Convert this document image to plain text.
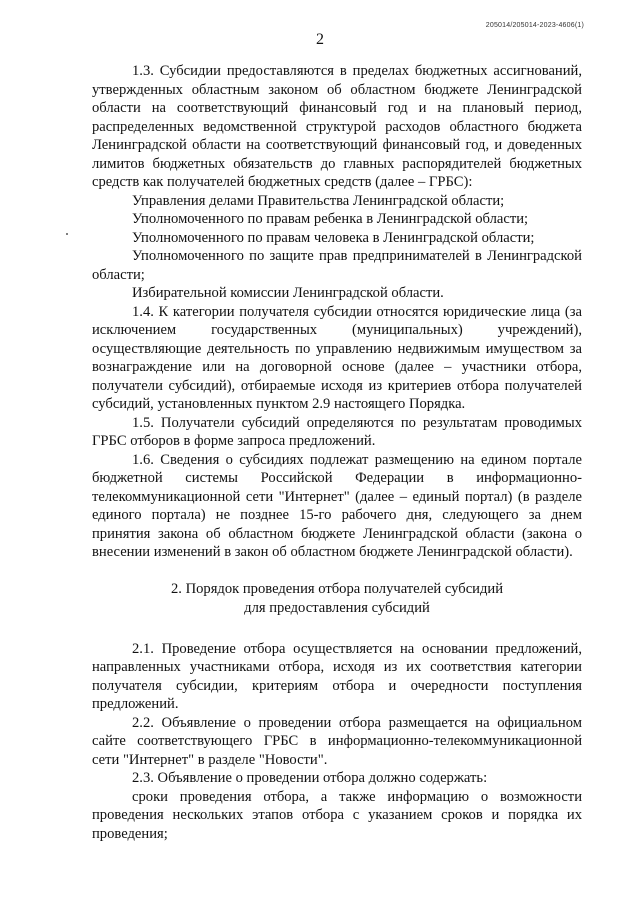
205014/205014-2023-4606(1)
2

1.3. Субсидии предоставляются в пределах бюджетных ассигнований, утвержденных областным законом об областном бюджете Ленинградской области на соответствующий финансовый год и на плановый период, распределенных ведомственной структурой расходов областного бюджета Ленинградской области на соответствующий финансовый год, и доведенных лимитов бюджетных обязательств до главных распорядителей бюджетных средств как получателей бюджетных средств (далее – ГРБС):

Управления делами Правительства Ленинградской области;

Уполномоченного по правам ребенка в Ленинградской области;

Уполномоченного по правам человека в Ленинградской области;

Уполномоченного по защите прав предпринимателей в Ленинградской области;

Избирательной комиссии Ленинградской области.

1.4. К категории получателя субсидии относятся юридические лица (за исключением государственных (муниципальных) учреждений), осуществляющие деятельность по управлению недвижимым имуществом за вознаграждение или на договорной основе (далее – участники отбора, получатели субсидий), отбираемые исходя из критериев отбора получателей субсидий, установленных пунктом 2.9 настоящего Порядка.

1.5. Получатели субсидий определяются по результатам проводимых ГРБС отборов в форме запроса предложений.

1.6. Сведения о субсидиях подлежат размещению на едином портале бюджетной системы Российской Федерации в информационно-телекоммуникационной сети "Интернет" (далее – единый портал) (в разделе единого портала) не позднее 15-го рабочего дня, следующего за днем принятия закона об областном бюджете Ленинградской области (закона о внесении изменений в закон об областном бюджете Ленинградской области).

2. Порядок проведения отбора получателей субсидий
для предоставления субсидий

2.1. Проведение отбора осуществляется на основании предложений, направленных участниками отбора, исходя из их соответствия категории получателя субсидии, критериям отбора и очередности поступления предложений.

2.2. Объявление о проведении отбора размещается на официальном сайте соответствующего ГРБС в информационно-телекоммуникационной сети "Интернет" в разделе "Новости".

2.3. Объявление о проведении отбора должно содержать:

сроки проведения отбора, а также информацию о возможности проведения нескольких этапов отбора с указанием сроков и порядка их проведения;
